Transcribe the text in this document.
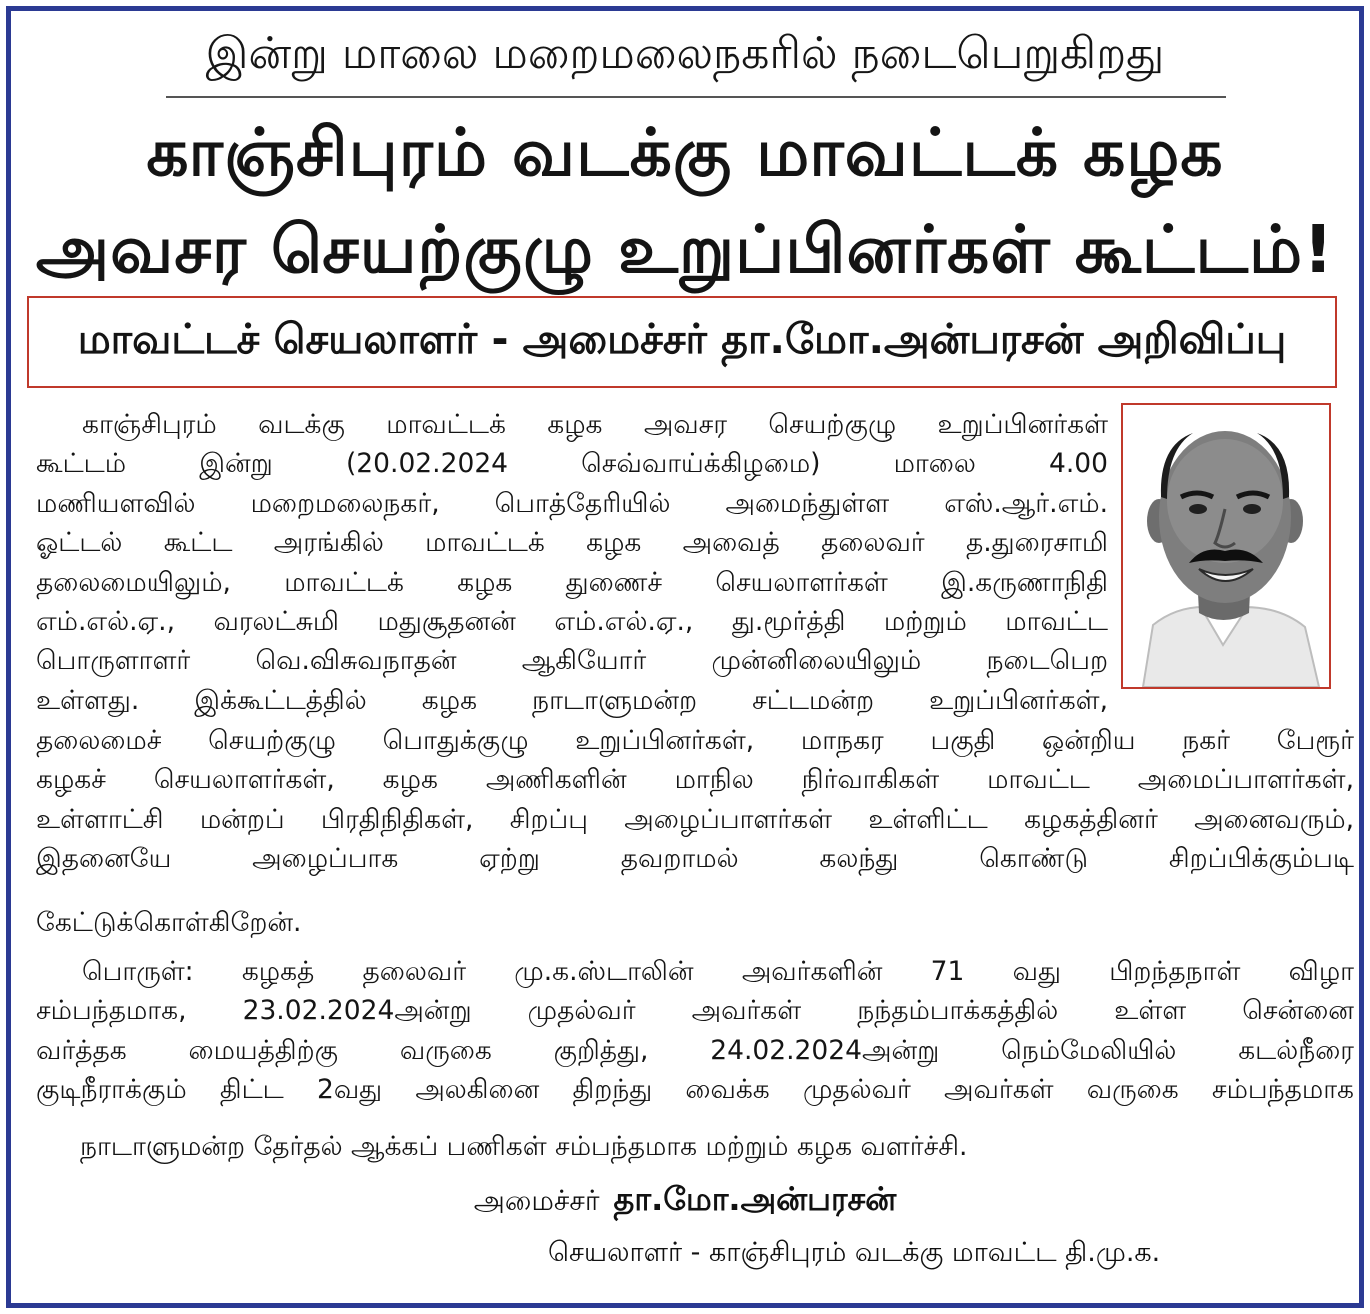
இன்று மாலை மறைமலைநகரில் நடைபெறுகிறது
காஞ்சிபுரம் வடக்கு மாவட்டக் கழக
அவசர செயற்குழு உறுப்பினர்கள் கூட்டம்!
மாவட்டச் செயலாளர் - அமைச்சர் தா.மோ.அன்பரசன் அறிவிப்பு
காஞ்சிபுரம் வடக்கு மாவட்டக் கழக அவசர செயற்குழு உறுப்பினர்கள்
கூட்டம் இன்று (20.02.2024 செவ்வாய்க்கிழமை) மாலை 4.00
மணியளவில் மறைமலைநகர், பொத்தேரியில் அமைந்துள்ள எஸ்.ஆர்.எம்.
ஓட்டல் கூட்ட அரங்கில் மாவட்டக் கழக அவைத் தலைவர் த.துரைசாமி
தலைமையிலும், மாவட்டக் கழக துணைச் செயலாளர்கள் இ.கருணாநிதி
எம்.எல்.ஏ., வரலட்சுமி மதுசூதனன் எம்.எல்.ஏ., து.மூர்த்தி மற்றும் மாவட்ட
பொருளாளர் வெ.விசுவநாதன் ஆகியோர் முன்னிலையிலும் நடைபெற
உள்ளது. இக்கூட்டத்தில் கழக நாடாளுமன்ற சட்டமன்ற உறுப்பினர்கள்,
தலைமைச் செயற்குழு பொதுக்குழு உறுப்பினர்கள், மாநகர பகுதி ஒன்றிய நகர் பேரூர்
கழகச் செயலாளர்கள், கழக அணிகளின் மாநில நிர்வாகிகள் மாவட்ட அமைப்பாளர்கள்,
உள்ளாட்சி மன்றப் பிரதிநிதிகள், சிறப்பு அழைப்பாளர்கள் உள்ளிட்ட கழகத்தினர் அனைவரும்,
இதனையே அழைப்பாக ஏற்று தவறாமல் கலந்து கொண்டு சிறப்பிக்கும்படி
கேட்டுக்கொள்கிறேன்.
பொருள்: கழகத் தலைவர் மு.க.ஸ்டாலின் அவர்களின் 71 வது பிறந்தநாள் விழா
சம்பந்தமாக, 23.02.2024அன்று முதல்வர் அவர்கள் நந்தம்பாக்கத்தில் உள்ள சென்னை
வர்த்தக மையத்திற்கு வருகை குறித்து, 24.02.2024அன்று நெம்மேலியில் கடல்நீரை
குடிநீராக்கும் திட்ட 2வது அலகினை திறந்து வைக்க முதல்வர் அவர்கள் வருகை சம்பந்தமாக
நாடாளுமன்ற தேர்தல் ஆக்கப் பணிகள் சம்பந்தமாக மற்றும் கழக வளர்ச்சி.
அமைச்சர் தா.மோ.அன்பரசன்
செயலாளர் - காஞ்சிபுரம் வடக்கு மாவட்ட தி.மு.க.
